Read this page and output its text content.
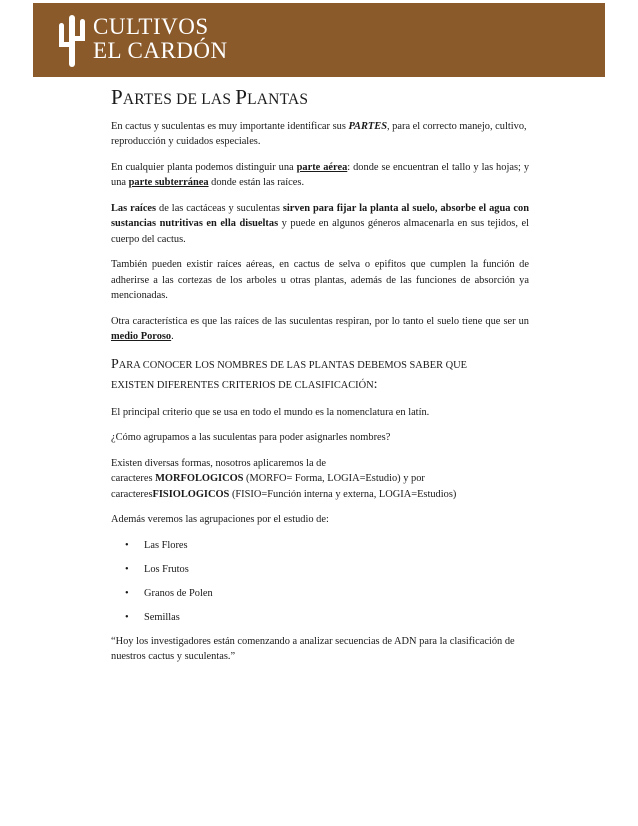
CULTIVOS
EL CARDÓN
PARTES DE LAS PLANTAS

En cactus y suculentas es muy importante identificar sus PARTES, para el correcto manejo, cultivo, reproducción y cuidados especiales.

En cualquier planta podemos distinguir una parte aérea: donde se encuentran el tallo y las hojas; y una parte subterránea donde están las raíces.

Las raíces de las cactáceas y suculentas sirven para fijar la planta al suelo, absorbe el agua con sustancias nutritivas en ella disueltas y puede en algunos géneros almacenarla en sus tejidos, el cuerpo del cactus.

También pueden existir raíces aéreas, en cactus de selva o epifitos que cumplen la función de adherirse a las cortezas de los arboles u otras plantas, además de las funciones de absorción ya mencionadas.

Otra característica es que las raíces de las suculentas respiran, por lo tanto el suelo tiene que ser un medio Poroso.

PARA CONOCER LOS NOMBRES DE LAS PLANTAS DEBEMOS SABER QUE
EXISTEN DIFERENTES CRITERIOS DE CLASIFICACIÓN:

El principal criterio que se usa en todo el mundo es la nomenclatura en latín.

¿Cómo agrupamos a las suculentas para poder asignarles nombres?

Existen diversas formas, nosotros aplicaremos la de
caracteres MORFOLOGICOS (MORFO= Forma, LOGIA=Estudio) y por
caracteresFISIOLOGICOS (FISIO=Función interna y externa, LOGIA=Estudios)

Además veremos las agrupaciones por el estudio de:

• Las Flores
• Los Frutos
• Granos de Polen
• Semillas

“Hoy los investigadores están comenzando a analizar secuencias de ADN para la clasificación de nuestros cactus y suculentas.”
